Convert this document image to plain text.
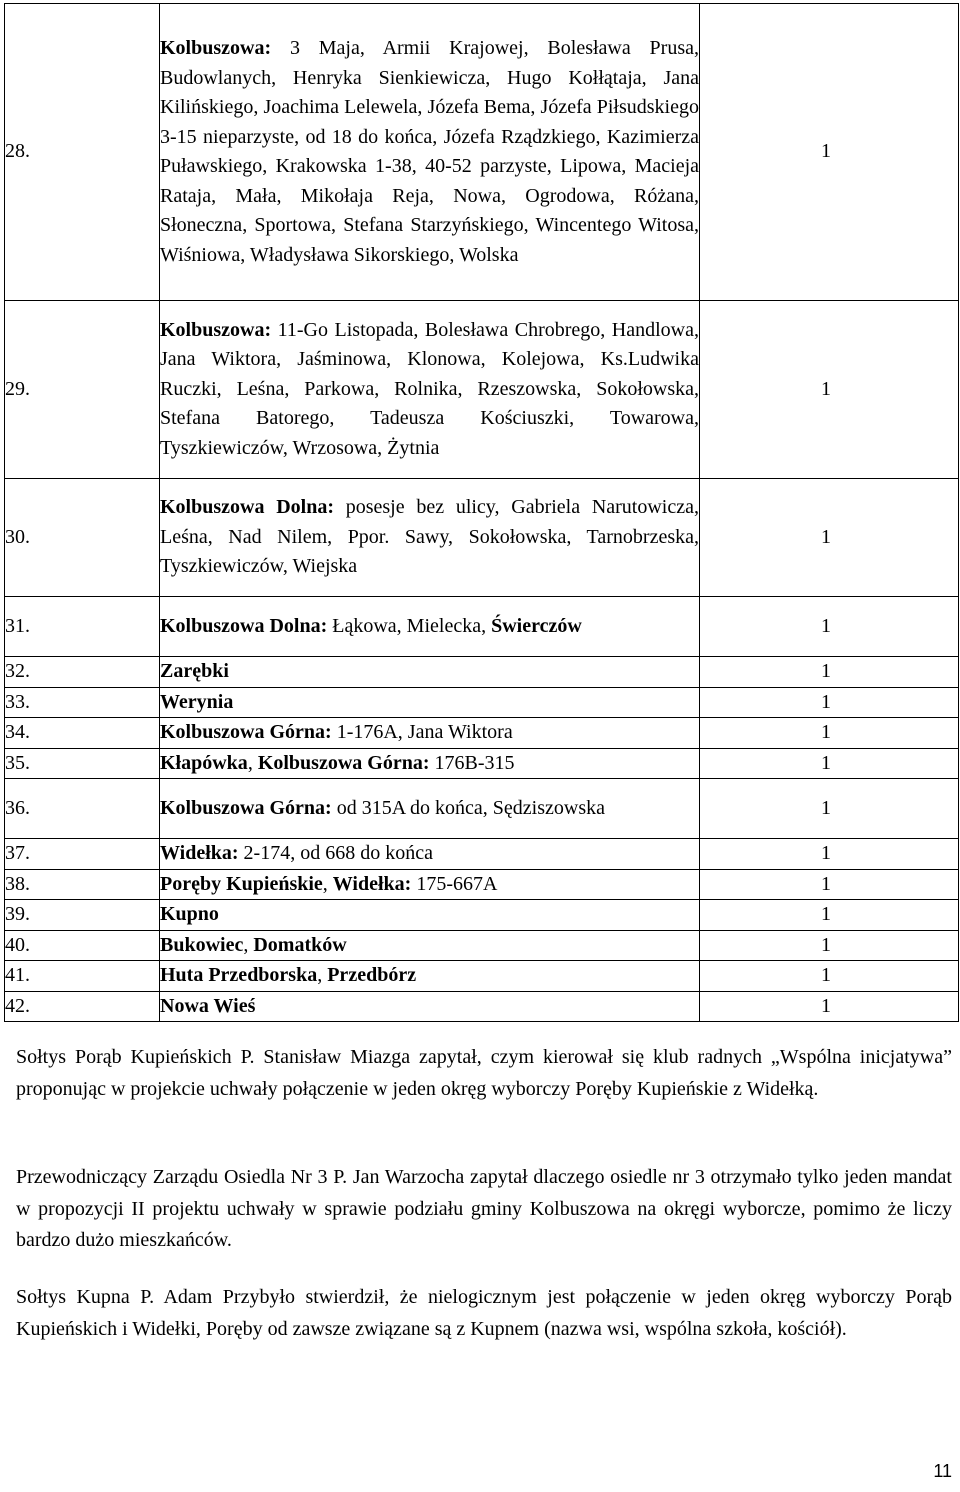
28.	Kolbuszowa: 3 Maja, Armii Krajowej, Bolesława Prusa, Budowlanych, Henryka Sienkiewicza, Hugo Kołłątaja, Jana Kilińskiego, Joachima Lelewela, Józefa Bema, Józefa Piłsudskiego 3-15 nieparzyste, od 18 do końca, Józefa Rządzkiego, Kazimierza Puławskiego, Krakowska 1-38, 40-52 parzyste, Lipowa, Macieja Rataja, Mała, Mikołaja Reja, Nowa, Ogrodowa, Różana, Słoneczna, Sportowa, Stefana Starzyńskiego, Wincentego Witosa, Wiśniowa, Władysława Sikorskiego, Wolska	1
29.	Kolbuszowa: 11-Go Listopada, Bolesława Chrobrego, Handlowa, Jana Wiktora, Jaśminowa, Klonowa, Kolejowa, Ks.Ludwika Ruczki, Leśna, Parkowa, Rolnika, Rzeszowska, Sokołowska, Stefana Batorego, Tadeusza Kościuszki, Towarowa, Tyszkiewiczów, Wrzosowa, Żytnia	1
30.	Kolbuszowa Dolna: posesje bez ulicy, Gabriela Narutowicza, Leśna, Nad Nilem, Ppor. Sawy, Sokołowska, Tarnobrzeska, Tyszkiewiczów, Wiejska	1
31.	Kolbuszowa Dolna: Łąkowa, Mielecka, Świerczów	1
32.	Zarębki	1
33.	Werynia	1
34.	Kolbuszowa Górna: 1-176A, Jana Wiktora	1
35.	Kłapówka, Kolbuszowa Górna: 176B-315	1
36.	Kolbuszowa Górna: od 315A do końca, Sędziszowska	1
37.	Widełka: 2-174, od 668 do końca	1
38.	Poręby Kupieńskie, Widełka: 175-667A	1
39.	Kupno	1
40.	Bukowiec, Domatków	1
41.	Huta Przedborska, Przedbórz	1
42.	Nowa Wieś	1

Sołtys Porąb Kupieńskich P. Stanisław Miazga zapytał, czym kierował się klub radnych „Wspólna inicjatywa” proponując w projekcie uchwały połączenie w jeden okręg wyborczy Poręby Kupieńskie z Widełką.

Przewodniczący Zarządu Osiedla Nr 3 P. Jan Warzocha zapytał dlaczego osiedle nr 3 otrzymało tylko jeden mandat w propozycji II projektu uchwały w sprawie podziału gminy Kolbuszowa na okręgi wyborcze, pomimo że liczy bardzo dużo mieszkańców.

Sołtys Kupna P. Adam Przybyło stwierdził, że nielogicznym jest połączenie w jeden okręg wyborczy Porąb Kupieńskich i Widełki, Poręby od zawsze związane są z Kupnem (nazwa wsi, wspólna szkoła, kościół).

11
